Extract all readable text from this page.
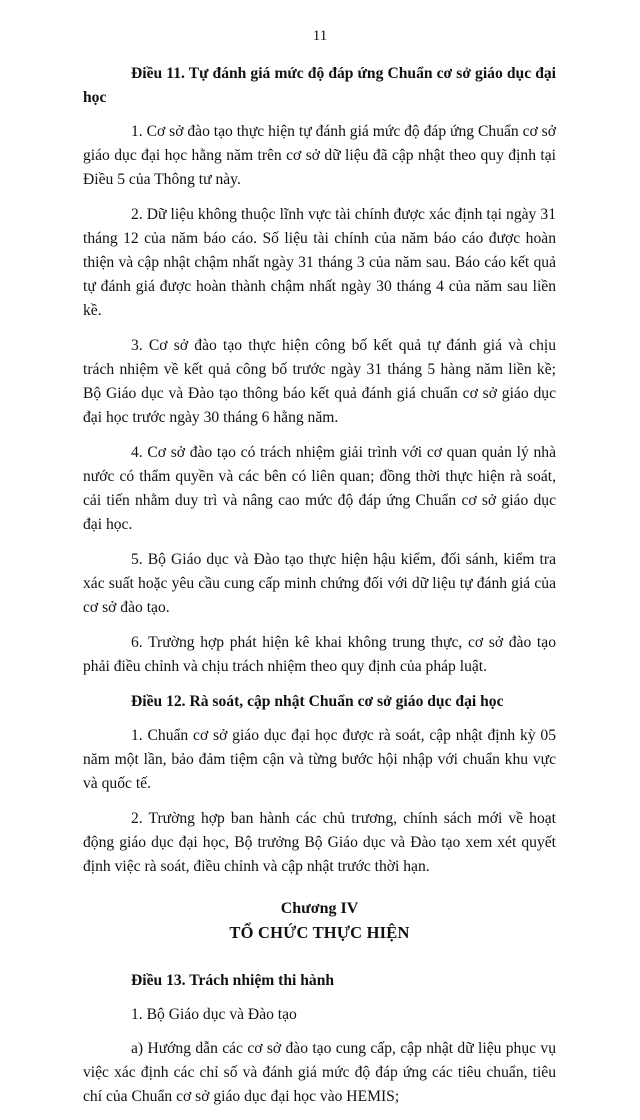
11

Điều 11. Tự đánh giá mức độ đáp ứng Chuẩn cơ sở giáo dục đại học

1. Cơ sở đào tạo thực hiện tự đánh giá mức độ đáp ứng Chuẩn cơ sở giáo dục đại học hằng năm trên cơ sở dữ liệu đã cập nhật theo quy định tại Điều 5 của Thông tư này.

2. Dữ liệu không thuộc lĩnh vực tài chính được xác định tại ngày 31 tháng 12 của năm báo cáo. Số liệu tài chính của năm báo cáo được hoàn thiện và cập nhật chậm nhất ngày 31 tháng 3 của năm sau. Báo cáo kết quả tự đánh giá được hoàn thành chậm nhất ngày 30 tháng 4 của năm sau liền kề.

3. Cơ sở đào tạo thực hiện công bố kết quả tự đánh giá và chịu trách nhiệm về kết quả công bố trước ngày 31 tháng 5 hàng năm liền kề; Bộ Giáo dục và Đào tạo thông báo kết quả đánh giá chuẩn cơ sở giáo dục đại học trước ngày 30 tháng 6 hằng năm.

4. Cơ sở đào tạo có trách nhiệm giải trình với cơ quan quản lý nhà nước có thẩm quyền và các bên có liên quan; đồng thời thực hiện rà soát, cải tiến nhằm duy trì và nâng cao mức độ đáp ứng Chuẩn cơ sở giáo dục đại học.

5. Bộ Giáo dục và Đào tạo thực hiện hậu kiểm, đối sánh, kiểm tra xác suất hoặc yêu cầu cung cấp minh chứng đối với dữ liệu tự đánh giá của cơ sở đào tạo.

6. Trường hợp phát hiện kê khai không trung thực, cơ sở đào tạo phải điều chỉnh và chịu trách nhiệm theo quy định của pháp luật.

Điều 12. Rà soát, cập nhật Chuẩn cơ sở giáo dục đại học

1. Chuẩn cơ sở giáo dục đại học được rà soát, cập nhật định kỳ 05 năm một lần, bảo đảm tiệm cận và từng bước hội nhập với chuẩn khu vực và quốc tế.

2. Trường hợp ban hành các chủ trương, chính sách mới về hoạt động giáo dục đại học, Bộ trưởng Bộ Giáo dục và Đào tạo xem xét quyết định việc rà soát, điều chỉnh và cập nhật trước thời hạn.

Chương IV
TỔ CHỨC THỰC HIỆN

Điều 13. Trách nhiệm thi hành

1. Bộ Giáo dục và Đào tạo

a) Hướng dẫn các cơ sở đào tạo cung cấp, cập nhật dữ liệu phục vụ việc xác định các chỉ số và đánh giá mức độ đáp ứng các tiêu chuẩn, tiêu chí của Chuẩn cơ sở giáo dục đại học vào HEMIS;
